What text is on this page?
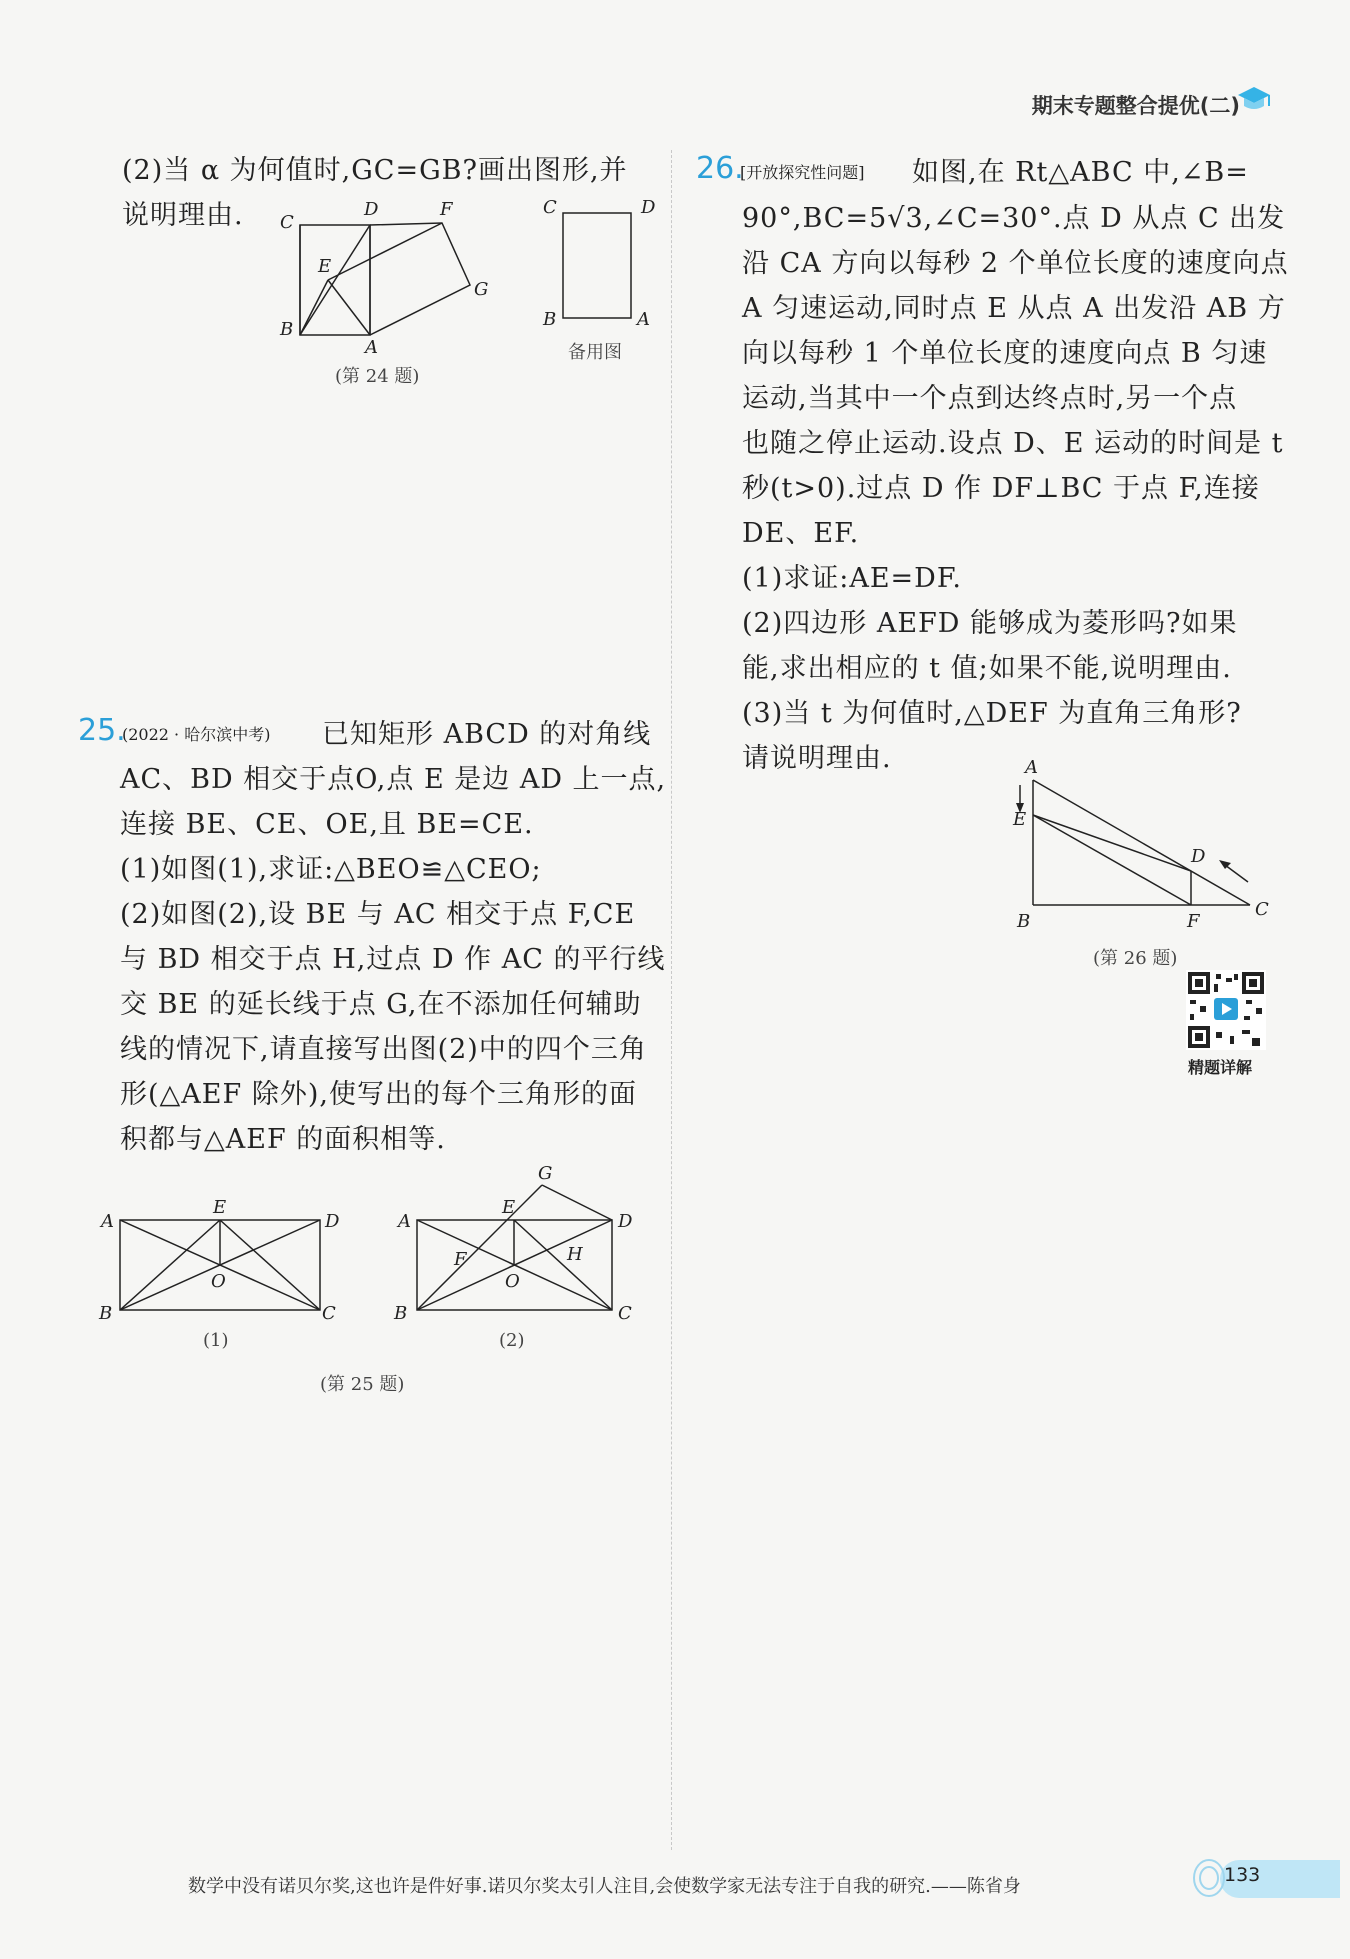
期末专题整合提优(二)
(2)当 α 为何值时,GC=GB?画出图形,并
说明理由. C
D	F
E
G
B
A
C	D
B	A
备用图
(第 24 题)
25.
(2022 · 哈尔滨中考) 已知矩形 ABCD 的对角线
AC、BD 相交于点O,点 E 是边 AD 上一点,
连接 BE、CE、OE,且 BE=CE.
(1)如图(1),求证:△BEO≌△CEO;
(2)如图(2),设 BE 与 AC 相交于点 F,CE
与 BD 相交于点 H,过点 D 作 AC 的平行线
交 BE 的延长线于点 G,在不添加任何辅助
线的情况下,请直接写出图(2)中的四个三角
形(△AEF 除外),使写出的每个三角形的面
积都与△AEF 的面积相等.
A
E
D
O
B	C
(1)
A
E
D
G
F	H
O
B	C
(2)
(第 25 题)
26.
[开放探究性问题] 如图,在 Rt△ABC 中,∠B=
90°,BC=5√3,∠C=30°.点 D 从点 C 出发
沿 CA 方向以每秒 2 个单位长度的速度向点
A 匀速运动,同时点 E 从点 A 出发沿 AB 方
向以每秒 1 个单位长度的速度向点 B 匀速
运动,当其中一个点到达终点时,另一个点
也随之停止运动.设点 D、E 运动的时间是 t
秒(t>0).过点 D 作 DF⊥BC 于点 F,连接
DE、EF.
(1)求证:AE=DF.
(2)四边形 AEFD 能够成为菱形吗?如果
能,求出相应的 t 值;如果不能,说明理由.
(3)当 t 为何值时,△DEF 为直角三角形?
请说明理由.	A
E
D
B	F
C
(第 26 题)
精题详解
数学中没有诺贝尔奖,这也许是件好事.诺贝尔奖太引人注目,会使数学家无法专注于自我的研究.——陈省身
133
